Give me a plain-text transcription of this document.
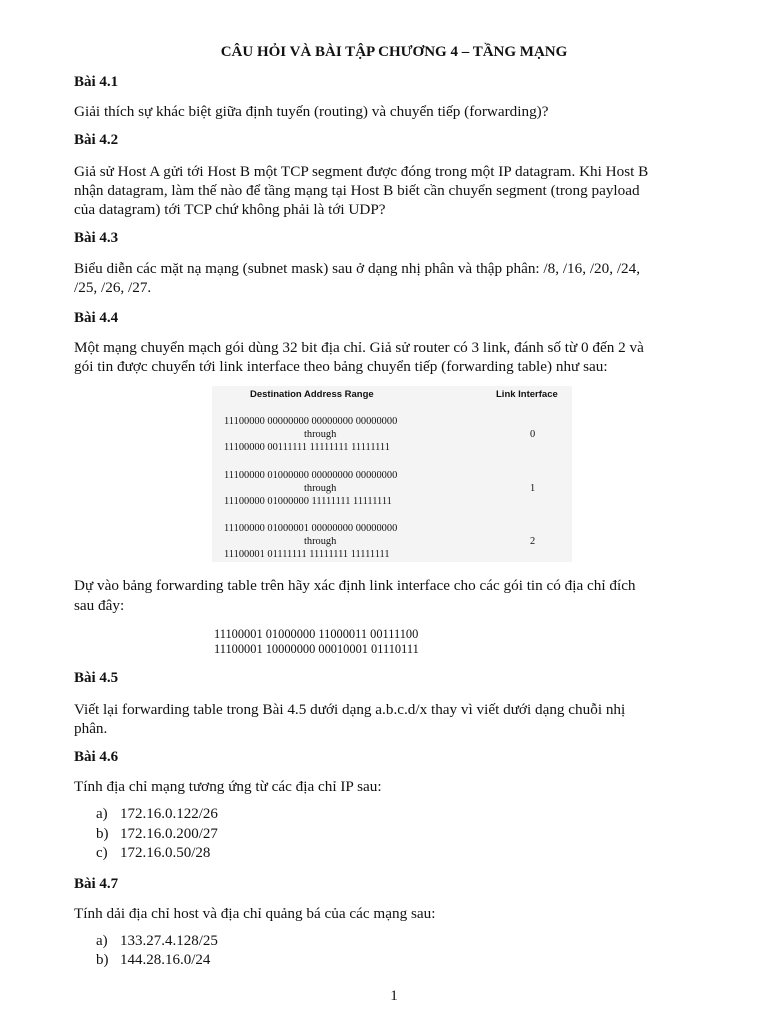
CÂU HỎI VÀ BÀI TẬP CHƯƠNG 4 – TẦNG MẠNG
Bài 4.1
Giải thích sự khác biệt giữa định tuyến (routing) và chuyển tiếp (forwarding)?
Bài 4.2
Giả sử Host A gửi tới Host B một TCP segment được đóng trong một IP datagram. Khi Host B
nhận datagram, làm thế nào để tầng mạng tại Host B biết cần chuyển segment (trong payload
của datagram) tới TCP chứ không phải là tới UDP?
Bài 4.3
Biểu diễn các mặt nạ mạng (subnet mask) sau ở dạng nhị phân và thập phân: /8, /16, /20, /24,
/25, /26, /27.
Bài 4.4
Một mạng chuyển mạch gói dùng 32 bit địa chỉ. Giả sử router có 3 link, đánh số từ 0 đến 2 và
gói tin được chuyển tới link interface theo bảng chuyển tiếp (forwarding table) như sau:
Destination Address Range	Link Interface
11100000 00000000 00000000 00000000
through
11100000 00111111 11111111 11111111
0
11100000 01000000 00000000 00000000
through
11100000 01000000 11111111 11111111
1
11100000 01000001 00000000 00000000
through
11100001 01111111 11111111 11111111
2
Dự vào bảng forwarding table trên hãy xác định link interface cho các gói tin có địa chỉ đích
sau đây:
11100001 01000000 11000011 00111100
11100001 10000000 00010001 01110111
Bài 4.5
Viết lại forwarding table trong Bài 4.5 dưới dạng a.b.c.d/x thay vì viết dưới dạng chuỗi nhị
phân.
Bài 4.6
Tính địa chỉ mạng tương ứng từ các địa chỉ IP sau:
a) 172.16.0.122/26
b) 172.16.0.200/27
c) 172.16.0.50/28
Bài 4.7
Tính dải địa chỉ host và địa chỉ quảng bá của các mạng sau:
a) 133.27.4.128/25
b) 144.28.16.0/24
1
